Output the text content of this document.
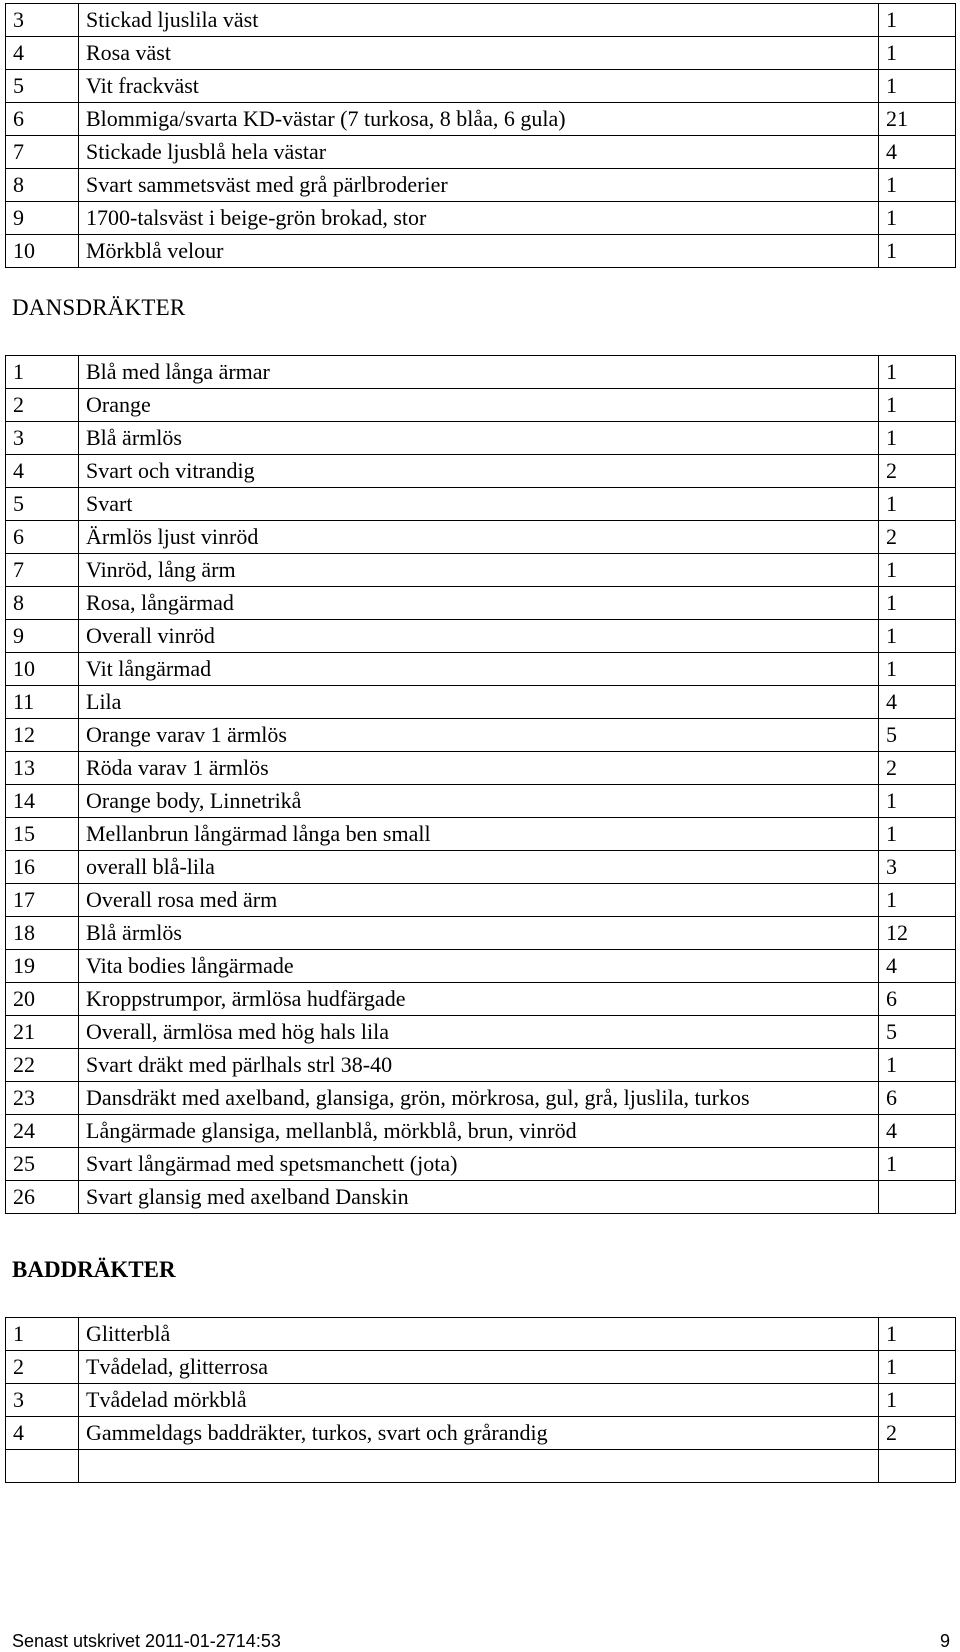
3	Stickad ljuslila väst	1
4	Rosa väst	1
5	Vit frackväst	1
6	Blommiga/svarta KD-västar (7 turkosa, 8 blåa, 6 gula)	21
7	Stickade ljusblå hela västar	4
8	Svart sammetsväst med grå pärlbroderier	1
9	1700-talsväst i beige-grön brokad, stor	1
10	Mörkblå velour	1
DANSDRÄKTER
1	Blå med långa ärmar	1
2	Orange	1
3	Blå ärmlös	1
4	Svart och vitrandig	2
5	Svart	1
6	Ärmlös ljust vinröd	2
7	Vinröd, lång ärm	1
8	Rosa, långärmad	1
9	Overall vinröd	1
10	Vit långärmad	1
11	Lila	4
12	Orange varav 1 ärmlös	5
13	Röda varav 1 ärmlös	2
14	Orange body, Linnetrikå	1
15	Mellanbrun långärmad långa ben small	1
16	overall blå-lila	3
17	Overall rosa med ärm	1
18	Blå ärmlös	12
19	Vita bodies långärmade	4
20	Kroppstrumpor, ärmlösa hudfärgade	6
21	Overall, ärmlösa med hög hals lila	5
22	Svart dräkt med pärlhals strl 38-40	1
23	Dansdräkt med axelband, glansiga, grön, mörkrosa, gul, grå, ljuslila, turkos	6
24	Långärmade glansiga, mellanblå, mörkblå, brun, vinröd	4
25	Svart långärmad med spetsmanchett (jota)	1
26	Svart glansig med axelband Danskin	
BADDRÄKTER
1	Glitterblå	1
2	Tvådelad, glitterrosa	1
3	Tvådelad mörkblå	1
4	Gammeldags baddräkter, turkos, svart och grårandig	2

Senast utskrivet 2011-01-2714:53	9
